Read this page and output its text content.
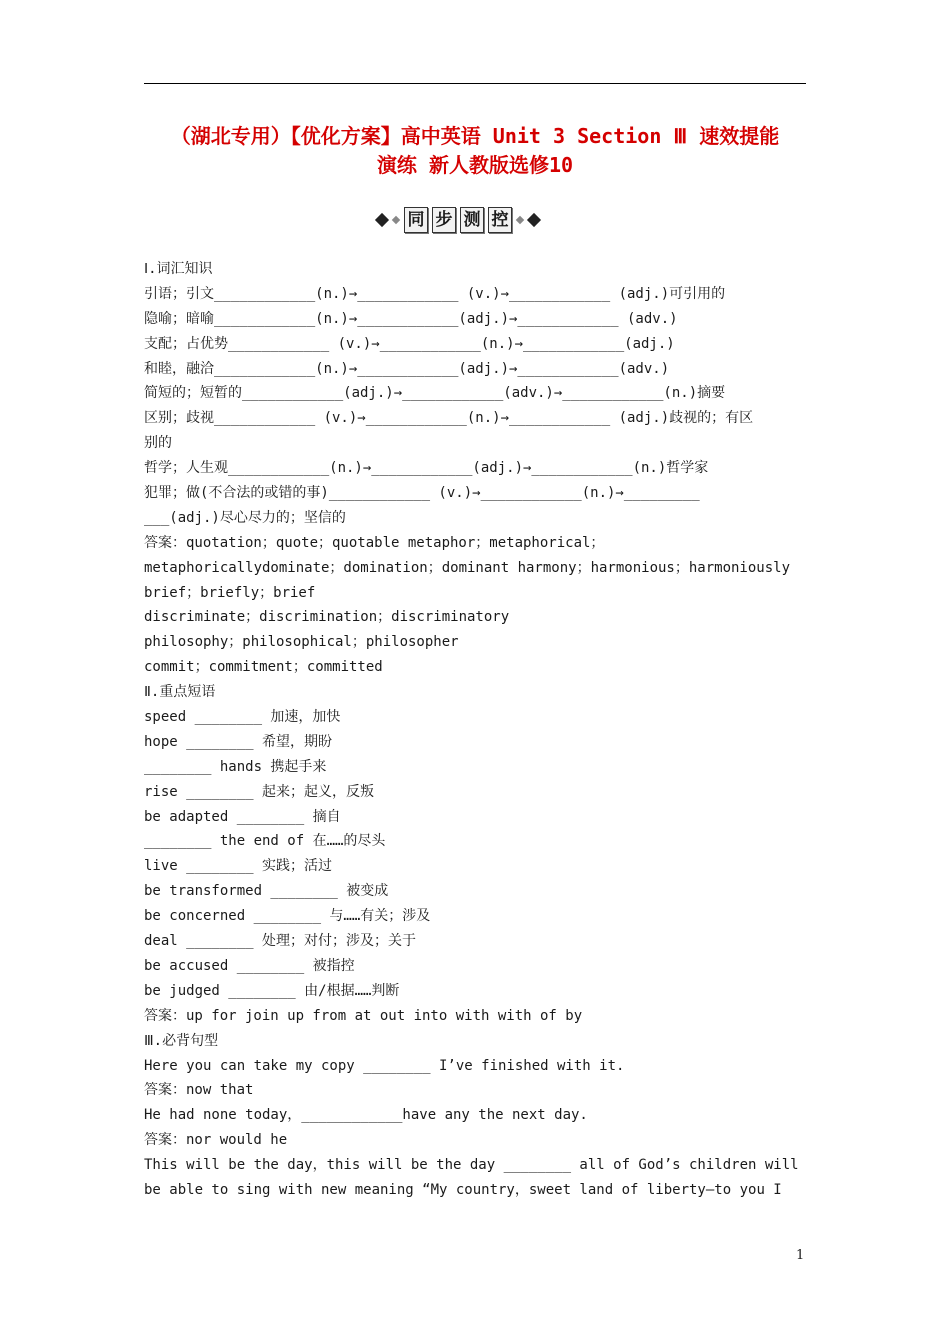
（湖北专用）【优化方案】高中英语 Unit 3 Section Ⅲ 速效提能
演练 新人教版选修10
同 步 测 控
Ⅰ.词汇知识
引语；引文____________(n.)→____________ (v.)→____________ (adj.)可引用的
隐喻；暗喻____________(n.)→____________(adj.)→____________ (adv.)
支配；占优势____________ (v.)→____________(n.)→____________(adj.)
和睦，融洽____________(n.)→____________(adj.)→____________(adv.)
简短的；短暂的____________(adj.)→____________(adv.)→____________(n.)摘要
区别；歧视____________ (v.)→____________(n.)→____________ (adj.)歧视的；有区
别的
哲学；人生观____________(n.)→____________(adj.)→____________(n.)哲学家
犯罪；做(不合法的或错的事)____________ (v.)→____________(n.)→_________
___(adj.)尽心尽力的；坚信的
答案：quotation；quote；quotable metaphor；metaphorical；
metaphoricallydominate；domination；dominant harmony；harmonious；harmoniously
brief；briefly；brief
discriminate；discrimination；discriminatory
philosophy；philosophical；philosopher
commit；commitment；committed
Ⅱ.重点短语
speed ________ 加速，加快
hope ________ 希望，期盼
________ hands 携起手来
rise ________ 起来；起义，反叛
be adapted ________ 摘自
________ the end of 在……的尽头
live ________ 实践；活过
be transformed ________ 被变成
be concerned ________ 与……有关；涉及
deal ________ 处理；对付；涉及；关于
be accused ________ 被指控
be judged ________ 由/根据……判断
答案：up for join up from at out into with with of by
Ⅲ.必背句型
Here you can take my copy ________ I’ve finished with it.
答案：now that
He had none today，____________have any the next day.
答案：nor would he
This will be the day，this will be the day ________ all of God’s children will
be able to sing with new meaning “My country，sweet land of liberty—to you I
1
